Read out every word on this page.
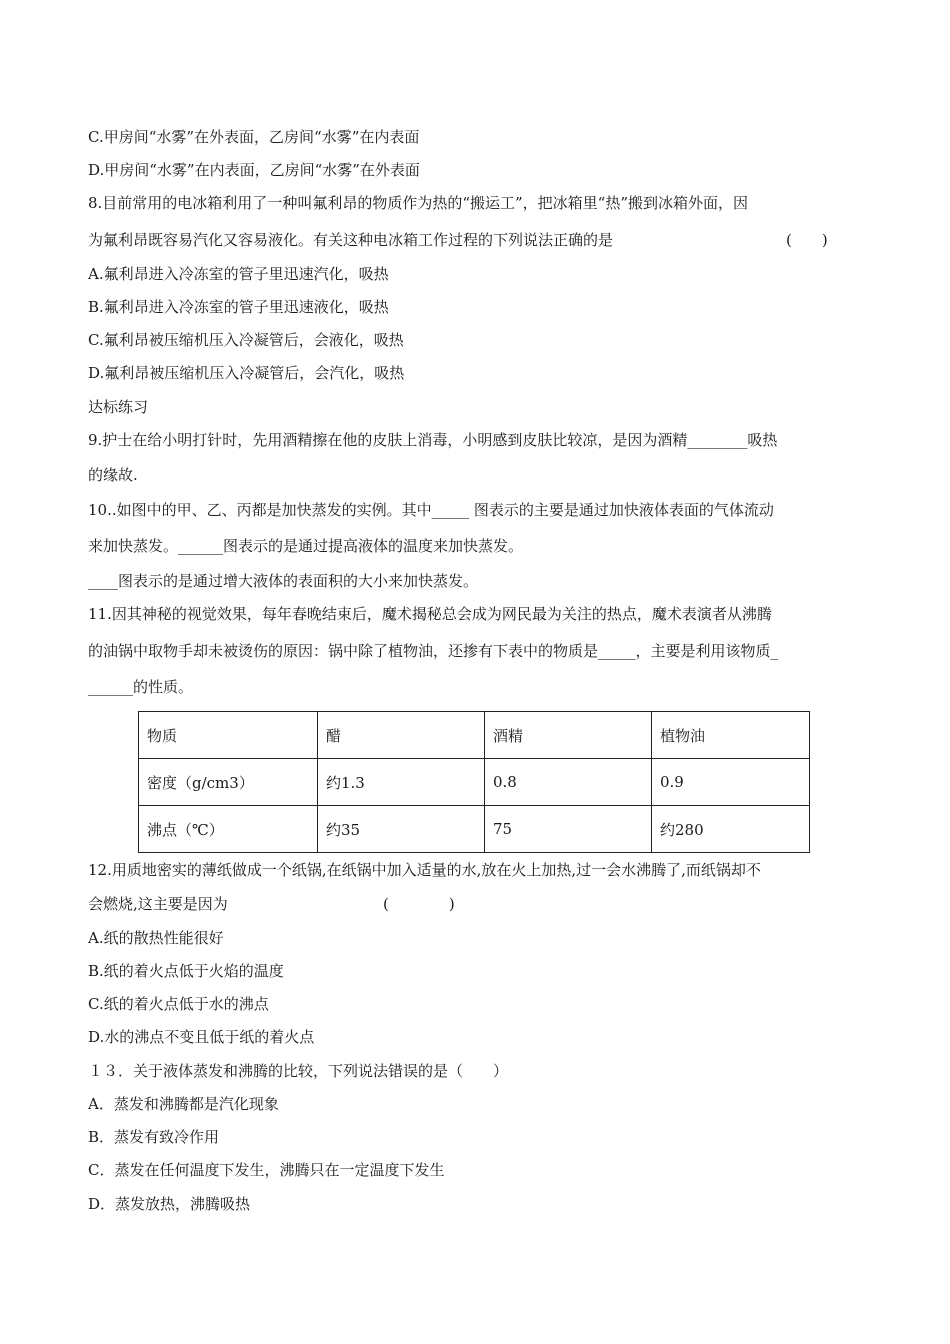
C.甲房间“水雾”在外表面，乙房间“水雾”在内表面
D.甲房间“水雾”在内表面，乙房间“水雾”在外表面
8.目前常用的电冰箱利用了一种叫氟利昂的物质作为热的“搬运工”，把冰箱里“热”搬到冰箱外面，因
为氟利昂既容易汽化又容易液化。有关这种电冰箱工作过程的下列说法正确的是	(　　)
A.氟利昂进入冷冻室的管子里迅速汽化，吸热
B.氟利昂进入冷冻室的管子里迅速液化，吸热
C.氟利昂被压缩机压入冷凝管后，会液化，吸热
D.氟利昂被压缩机压入冷凝管后，会汽化，吸热
达标练习
9.护士在给小明打针时，先用酒精擦在他的皮肤上消毒，小明感到皮肤比较凉，是因为酒精________吸热
的缘故.
10..如图中的甲、乙、丙都是加快蒸发的实例。其中_____ 图表示的主要是通过加快液体表面的气体流动
来加快蒸发。______图表示的是通过提高液体的温度来加快蒸发。
____图表示的是通过增大液体的表面积的大小来加快蒸发。
11.因其神秘的视觉效果，每年春晚结束后，魔术揭秘总会成为网民最为关注的热点，魔术表演者从沸腾
的油锅中取物手却未被烫伤的原因：锅中除了植物油，还掺有下表中的物质是_____，主要是利用该物质_
______的性质。
物质	醋	酒精	植物油
密度（g/cm3）	约1.3	0.8	0.9
沸点（℃）	约35	75	约280
12.用质地密实的薄纸做成一个纸锅,在纸锅中加入适量的水,放在火上加热,过一会水沸腾了,而纸锅却不
会燃烧,这主要是因为	(　　　　)
A.纸的散热性能很好
B.纸的着火点低于火焰的温度
C.纸的着火点低于水的沸点
D.水的沸点不变且低于纸的着火点
１３．关于液体蒸发和沸腾的比较，下列说法错误的是（　　）
A．蒸发和沸腾都是汽化现象
B．蒸发有致冷作用
C．蒸发在任何温度下发生，沸腾只在一定温度下发生
D．蒸发放热，沸腾吸热
